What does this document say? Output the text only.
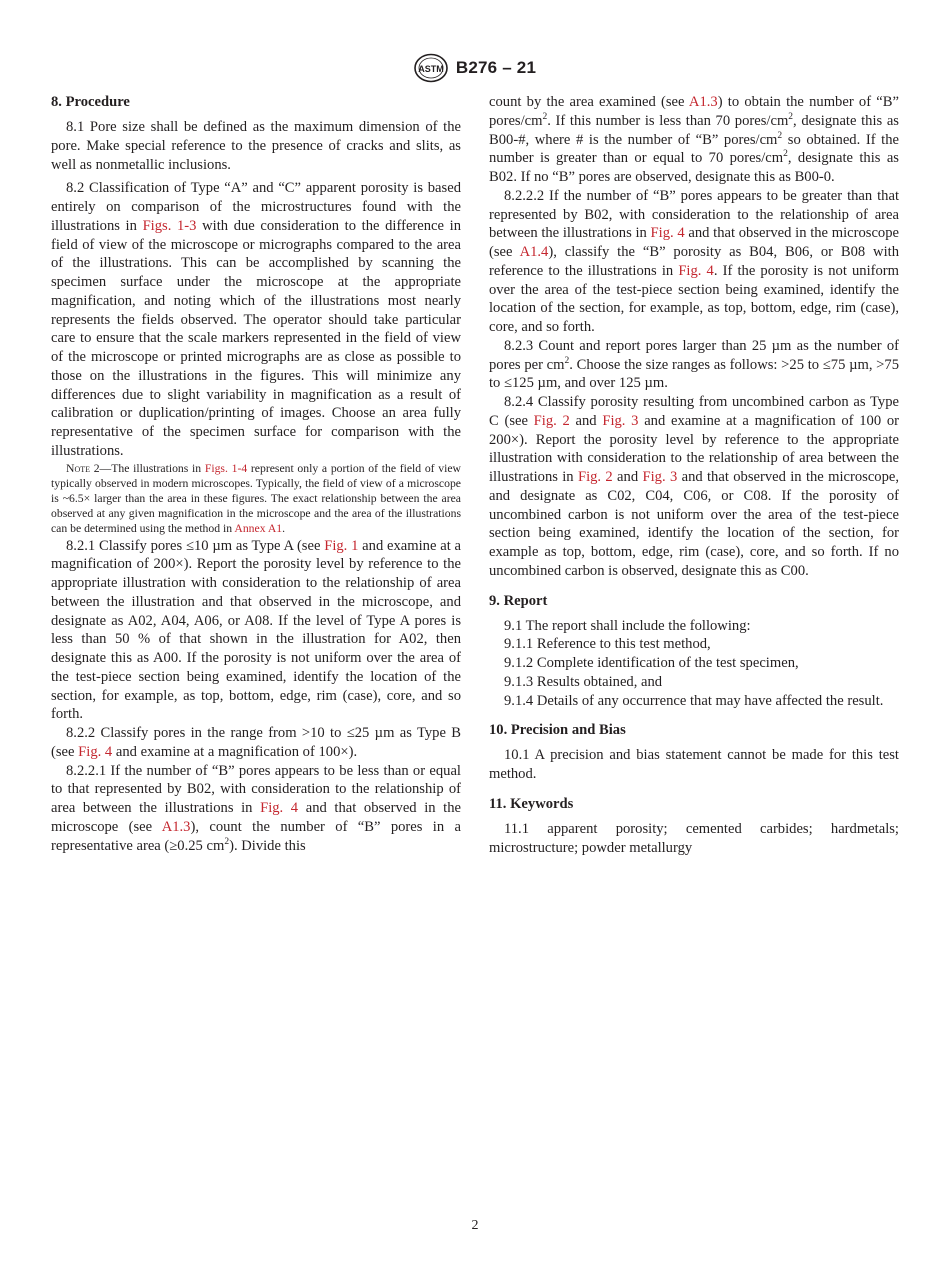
ASTM B276 – 21
8. Procedure

8.1 Pore size shall be defined as the maximum dimension of the pore. Make special reference to the presence of cracks and slits, as well as nonmetallic inclusions.

8.2 Classification of Type “A” and “C” apparent porosity is based entirely on comparison of the microstructures found with the illustrations in Figs. 1-3 with due consideration to the difference in field of view of the microscope or micrographs compared to the area of the illustrations. This can be accomplished by scanning the specimen surface under the microscope at the appropriate magnification, and noting which of the illustrations most nearly represents the fields observed. The operator should take particular care to ensure that the scale markers represented in the field of view of the microscope or printed micrographs are as close as possible to those on the illustrations in the figures. This will minimize any differences due to slight variability in magnification as a result of calibration or duplication/printing of images. Choose an area fully representative of the specimen surface for comparison with the illustrations.

Note 2—The illustrations in Figs. 1-4 represent only a portion of the field of view typically observed in modern microscopes. Typically, the field of view of a microscope is ~6.5× larger than the area in these figures. The exact relationship between the area observed at any given magnification in the microscope and the area of the illustrations can be determined using the method in Annex A1.

8.2.1 Classify pores ≤10 µm as Type A (see Fig. 1 and examine at a magnification of 200×). Report the porosity level by reference to the appropriate illustration with consideration to the relationship of area between the illustration and that observed in the microscope, and designate as A02, A04, A06, or A08. If the level of Type A pores is less than 50 % of that shown in the illustration for A02, then designate this as A00. If the porosity is not uniform over the area of the test-piece section being examined, identify the location of the section, for example, as top, bottom, edge, rim (case), core, and so forth.

8.2.2 Classify pores in the range from >10 to ≤25 µm as Type B (see Fig. 4 and examine at a magnification of 100×).

8.2.2.1 If the number of “B” pores appears to be less than or equal to that represented by B02, with consideration to the relationship of area between the illustrations in Fig. 4 and that observed in the microscope (see A1.3), count the number of “B” pores in a representative area (≥0.25 $cm^2$). Divide this

count by the area examined (see A1.3) to obtain the number of “B” pores/$cm^2$. If this number is less than 70 pores/$cm^2$, designate this as B00-#, where # is the number of “B” pores/$cm^2$ so obtained. If the number is greater than or equal to 70 pores/$cm^2$, designate this as B02. If no “B” pores are observed, designate this as B00-0.

8.2.2.2 If the number of “B” pores appears to be greater than that represented by B02, with consideration to the relationship of area between the illustrations in Fig. 4 and that observed in the microscope (see A1.4), classify the “B” porosity as B04, B06, or B08 with reference to the illustrations in Fig. 4. If the porosity is not uniform over the area of the test-piece section being examined, identify the location of the section, for example, as top, bottom, edge, rim (case), core, and so forth.

8.2.3 Count and report pores larger than 25 µm as the number of pores per $cm^2$. Choose the size ranges as follows: >25 to ≤75 µm, >75 to ≤125 µm, and over 125 µm.

8.2.4 Classify porosity resulting from uncombined carbon as Type C (see Fig. 2 and Fig. 3 and examine at a magnification of 100 or 200×). Report the porosity level by reference to the appropriate illustration with consideration to the relationship of area between the illustrations in Fig. 2 and Fig. 3 and that observed in the microscope, and designate as C02, C04, C06, or C08. If the porosity of uncombined carbon is not uniform over the area of the test-piece section being examined, identify the location of the section, for example as top, bottom, edge, rim (case), core, and so forth. If no uncombined carbon is observed, designate this as C00.

9. Report

9.1 The report shall include the following:

9.1.1 Reference to this test method,

9.1.2 Complete identification of the test specimen,

9.1.3 Results obtained, and

9.1.4 Details of any occurrence that may have affected the result.

10. Precision and Bias

10.1 A precision and bias statement cannot be made for this test method.

11. Keywords

11.1 apparent porosity; cemented carbides; hardmetals; microstructure; powder metallurgy

2
